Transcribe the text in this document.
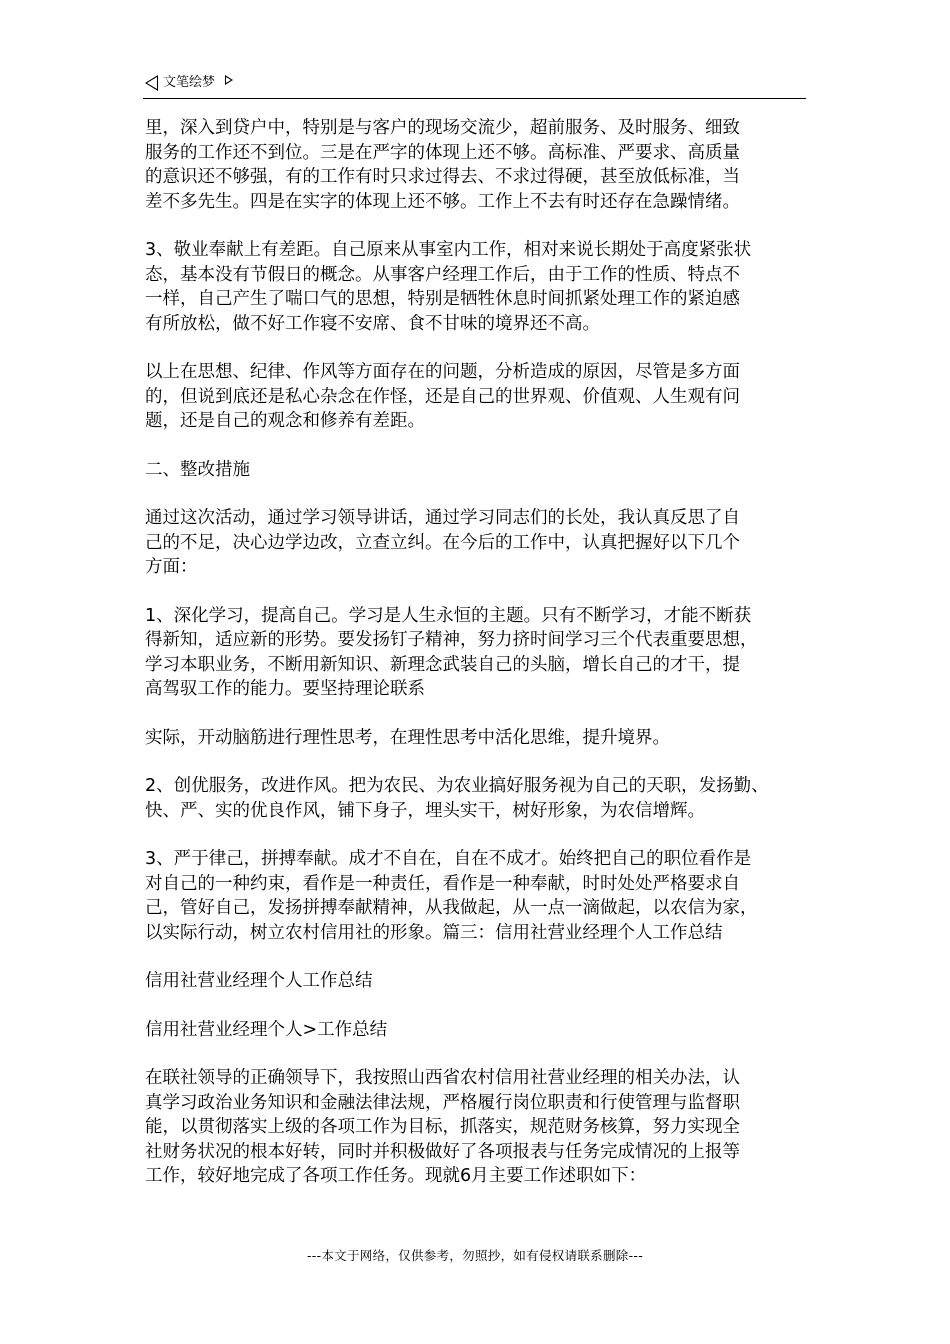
文笔绘梦

里，深入到贷户中，特别是与客户的现场交流少，超前服务、及时服务、细致
服务的工作还不到位。三是在严字的体现上还不够。高标准、严要求、高质量
的意识还不够强，有的工作有时只求过得去、不求过得硬，甚至放低标准，当
差不多先生。四是在实字的体现上还不够。工作上不去有时还存在急躁情绪。

3、敬业奉献上有差距。自己原来从事室内工作，相对来说长期处于高度紧张状
态，基本没有节假日的概念。从事客户经理工作后，由于工作的性质、特点不
一样，自己产生了喘口气的思想，特别是牺牲休息时间抓紧处理工作的紧迫感
有所放松，做不好工作寝不安席、食不甘味的境界还不高。

以上在思想、纪律、作风等方面存在的问题，分析造成的原因，尽管是多方面
的，但说到底还是私心杂念在作怪，还是自己的世界观、价值观、人生观有问
题，还是自己的观念和修养有差距。

二、整改措施

通过这次活动，通过学习领导讲话，通过学习同志们的长处，我认真反思了自
己的不足，决心边学边改，立查立纠。在今后的工作中，认真把握好以下几个
方面：

1、深化学习，提高自己。学习是人生永恒的主题。只有不断学习，才能不断获
得新知，适应新的形势。要发扬钉子精神，努力挤时间学习三个代表重要思想，
学习本职业务，不断用新知识、新理念武装自己的头脑，增长自己的才干，提
高驾驭工作的能力。要坚持理论联系

实际，开动脑筋进行理性思考，在理性思考中活化思维，提升境界。

2、创优服务，改进作风。把为农民、为农业搞好服务视为自己的天职，发扬勤、
快、严、实的优良作风，铺下身子，埋头实干，树好形象，为农信增辉。

3、严于律己，拼搏奉献。成才不自在，自在不成才。始终把自己的职位看作是
对自己的一种约束，看作是一种责任，看作是一种奉献，时时处处严格要求自
己，管好自己，发扬拼搏奉献精神，从我做起，从一点一滴做起，以农信为家，
以实际行动，树立农村信用社的形象。篇三：信用社营业经理个人工作总结

信用社营业经理个人工作总结

信用社营业经理个人>工作总结

在联社领导的正确领导下，我按照山西省农村信用社营业经理的相关办法，认
真学习政治业务知识和金融法律法规，严格履行岗位职责和行使管理与监督职
能，以贯彻落实上级的各项工作为目标，抓落实，规范财务核算，努力实现全
社财务状况的根本好转，同时并积极做好了各项报表与任务完成情况的上报等
工作，较好地完成了各项工作任务。现就6月主要工作述职如下：

---本文于网络，仅供参考，勿照抄，如有侵权请联系删除---
